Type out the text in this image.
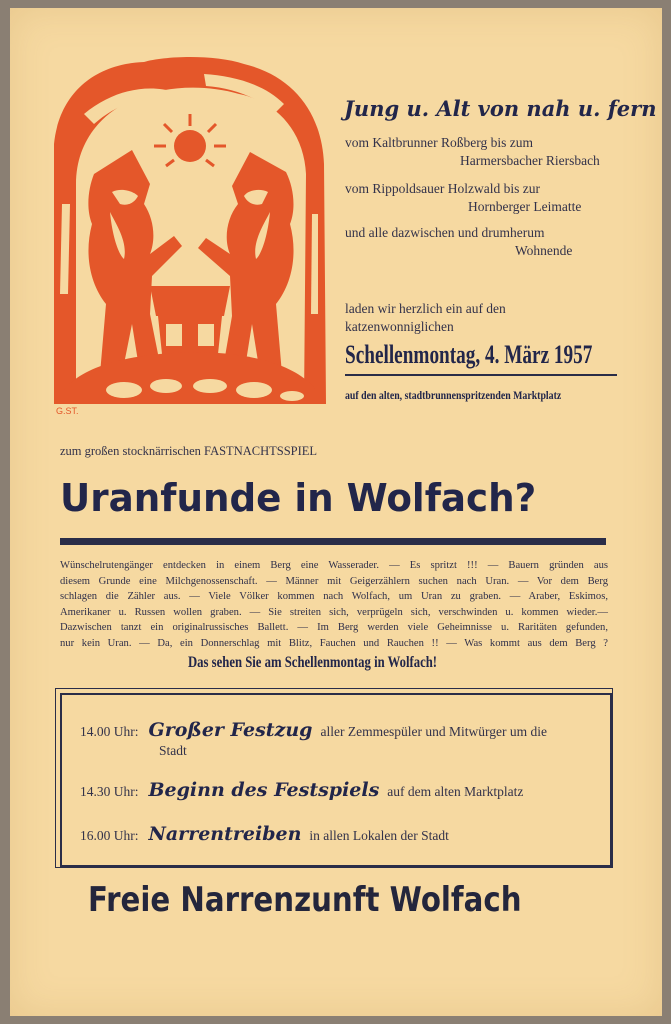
G.ST.

Jung u. Alt von nah u. fern

vom Kaltbrunner Roßberg bis zum

Harmersbacher Riersbach

vom Rippoldsauer Holzwald bis zur

Hornberger Leimatte

und alle dazwischen und drumherum

Wohnende

laden wir herzlich ein auf den

katzenwonniglichen

Schellenmontag, 4. März 1957

auf den alten, stadtbrunnenspritzenden Marktplatz

zum großen stocknärrischen FASTNACHTSSPIEL

Uranfunde in Wolfach?

Wünschelrutengänger entdecken in einem Berg eine Wasserader. — Es spritzt !!! — Bauern gründen aus
diesem Grunde eine Milchgenossenschaft. — Männer mit Geigerzählern suchen nach Uran. — Vor dem Berg
schlagen die Zähler aus. — Viele Völker kommen nach Wolfach, um Uran zu graben. — Araber, Eskimos,
Amerikaner u. Russen wollen graben. — Sie streiten sich, verprügeln sich, verschwinden u. kommen wieder.—
Dazwischen tanzt ein originalrussisches Ballett. — Im Berg werden viele Geheimnisse u. Raritäten gefunden,
nur kein Uran. — Da, ein Donnerschlag mit Blitz, Fauchen und Rauchen !! — Was kommt aus dem Berg ?

Das sehen Sie am Schellenmontag in Wolfach!

14.00 Uhr: Großer Festzug aller Zemmespüler und Mitwürger um die
Stadt
14.30 Uhr: Beginn des Festspiels auf dem alten Marktplatz
16.00 Uhr: Narrentreiben in allen Lokalen der Stadt

Freie Narrenzunft Wolfach
